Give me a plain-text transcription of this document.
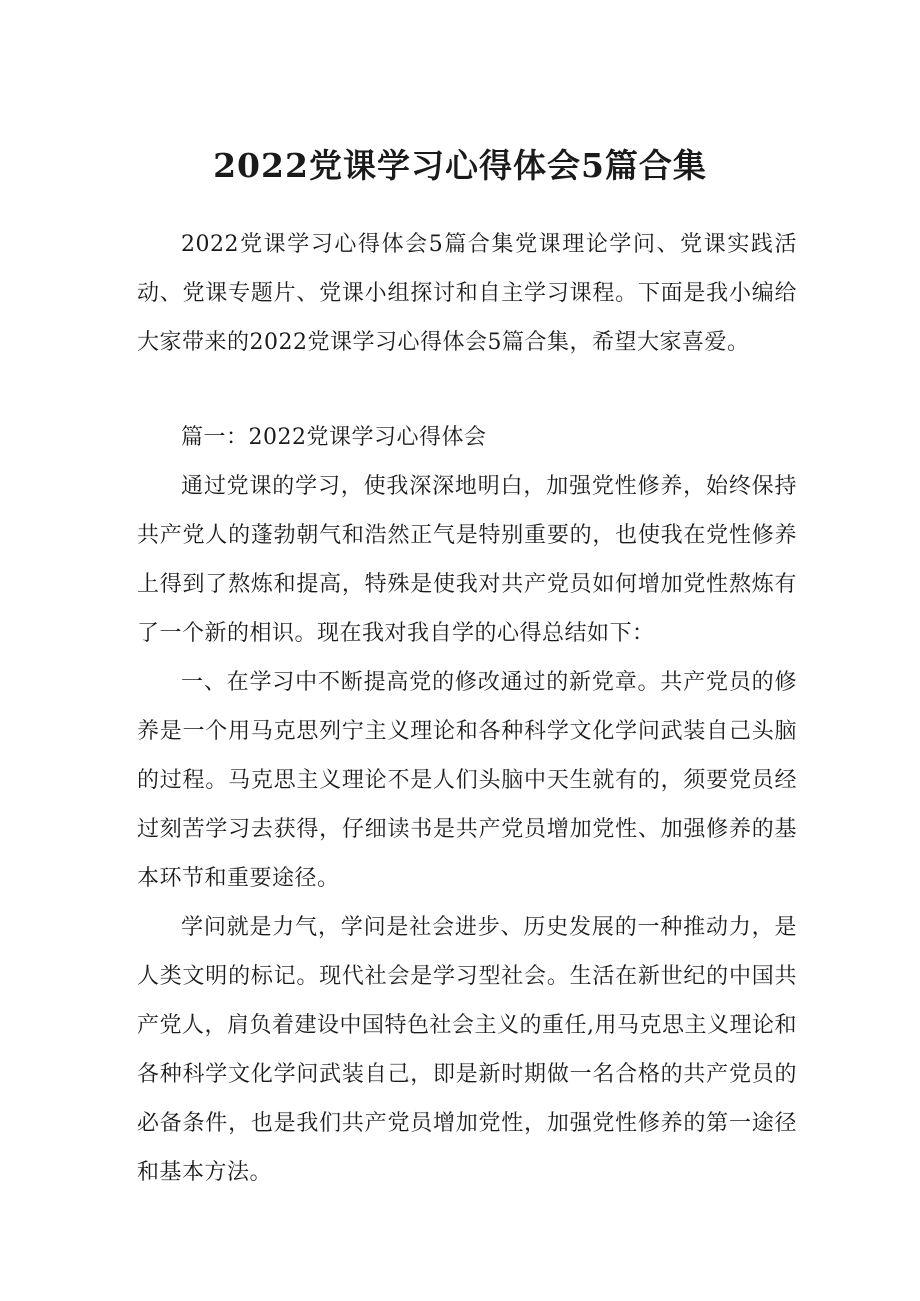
2022党课学习心得体会5篇合集

2022党课学习心得体会5篇合集党课理论学问、党课实践活动、党课专题片、党课小组探讨和自主学习课程。下面是我小编给大家带来的2022党课学习心得体会5篇合集，希望大家喜爱。

篇一：2022党课学习心得体会

通过党课的学习，使我深深地明白，加强党性修养，始终保持共产党人的蓬勃朝气和浩然正气是特别重要的，也使我在党性修养上得到了熬炼和提高，特殊是使我对共产党员如何增加党性熬炼有了一个新的相识。现在我对我自学的心得总结如下：

一、在学习中不断提高党的修改通过的新党章。共产党员的修养是一个用马克思列宁主义理论和各种科学文化学问武装自己头脑的过程。马克思主义理论不是人们头脑中天生就有的，须要党员经过刻苦学习去获得，仔细读书是共产党员增加党性、加强修养的基本环节和重要途径。

学问就是力气，学问是社会进步、历史发展的一种推动力，是人类文明的标记。现代社会是学习型社会。生活在新世纪的中国共产党人，肩负着建设中国特色社会主义的重任,用马克思主义理论和各种科学文化学问武装自己，即是新时期做一名合格的共产党员的必备条件，也是我们共产党员增加党性，加强党性修养的第一途径和基本方法。
